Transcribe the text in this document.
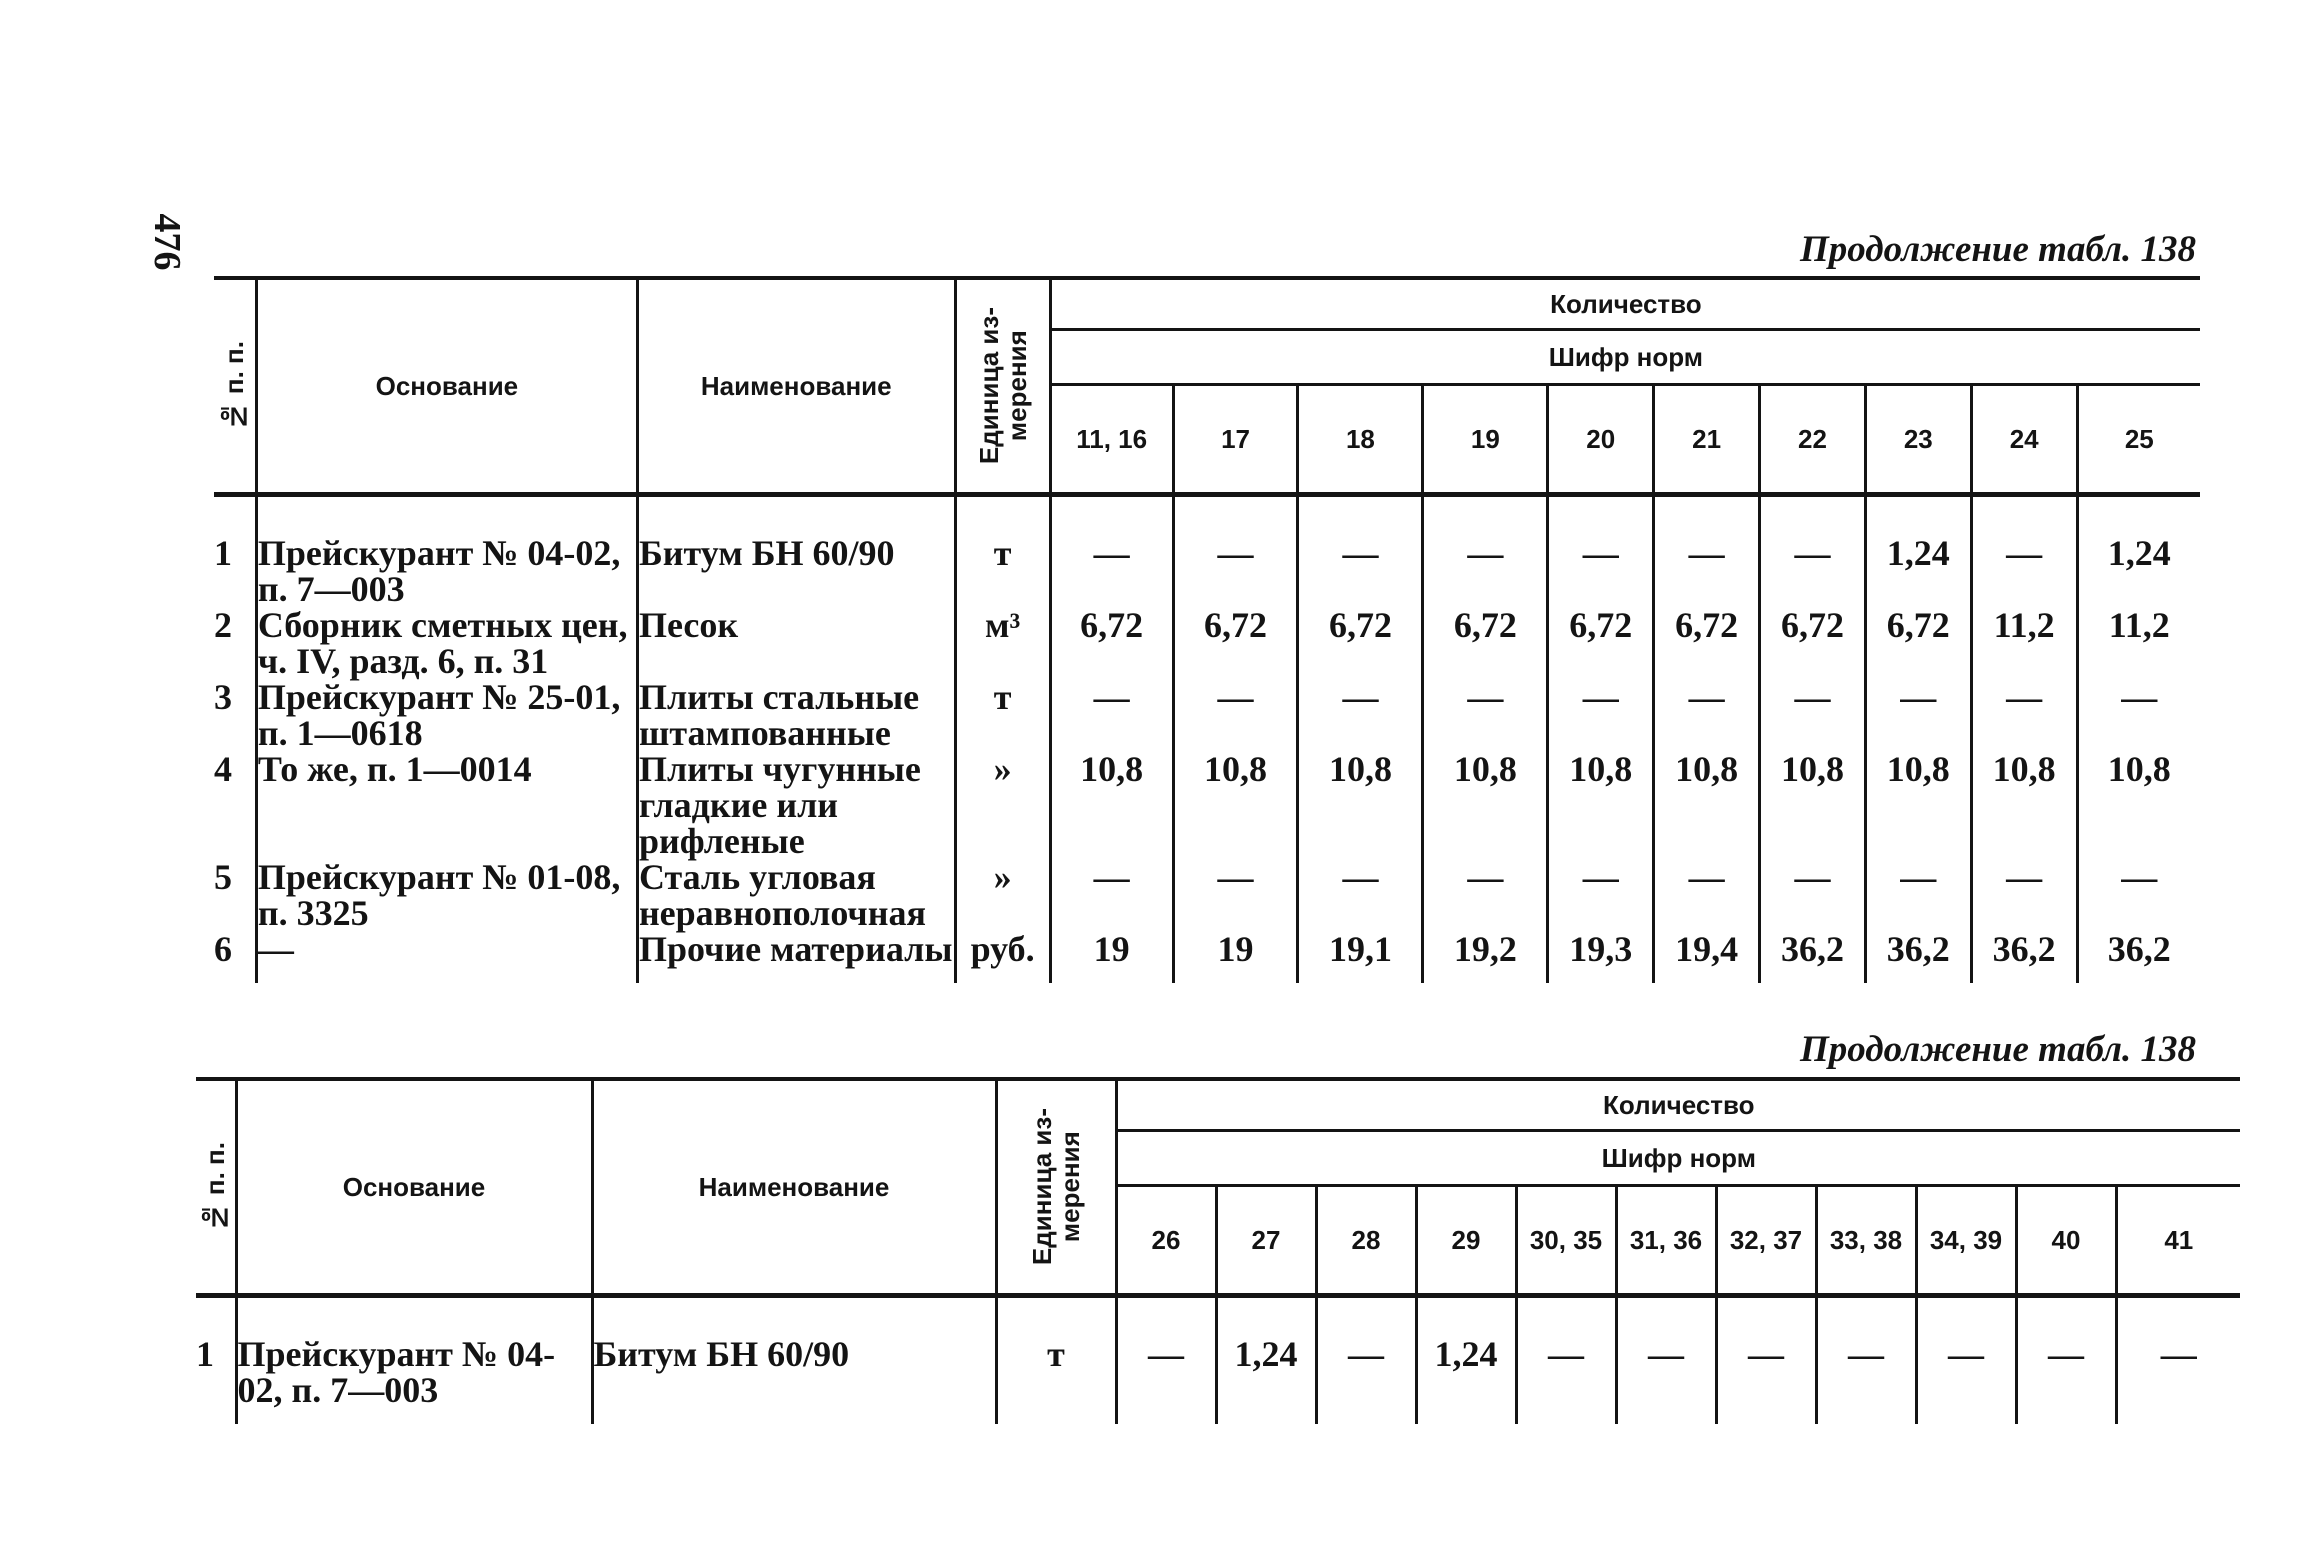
476	Продолжение табл. 138
№ п. п.	Основание	Наименование	Единица из-
мерения	Количество									
				Шифр норм									
				11, 16	17	18	19	20	21	22	23	24	25
1	Прейскурант № 04-02, п. 7—003	Битум БН 60/90	т	—	—	—	—	—	—	—	1,24	—	1,24
2	Сборник сметных цен, ч. IV, разд. 6, п. 31	Песок	м³	6,72	6,72	6,72	6,72	6,72	6,72	6,72	6,72	11,2	11,2
3	Прейскурант № 25-01, п. 1—0618	Плиты стальные штампованные	т	—	—	—	—	—	—	—	—	—	—
4	То же, п. 1—0014	Плиты чугунные гладкие или рифленые	»	10,8	10,8	10,8	10,8	10,8	10,8	10,8	10,8	10,8	10,8
5	Прейскурант № 01-08, п. 3325	Сталь угловая неравнополочная	»	—	—	—	—	—	—	—	—	—	—
6	—	Прочие материалы	руб.	19	19	19,1	19,2	19,3	19,4	36,2	36,2	36,2	36,2
Продолжение табл. 138
№ п. п.	Основание	Наименование	Единица из-
мерения	Количество										
				Шифр норм										
				26	27	28	29	30, 35	31, 36	32, 37	33, 38	34, 39	40	41
1	Прейскурант № 04-02, п. 7—003	Битум БН 60/90	т	—	1,24	—	1,24	—	—	—	—	—	—	—
